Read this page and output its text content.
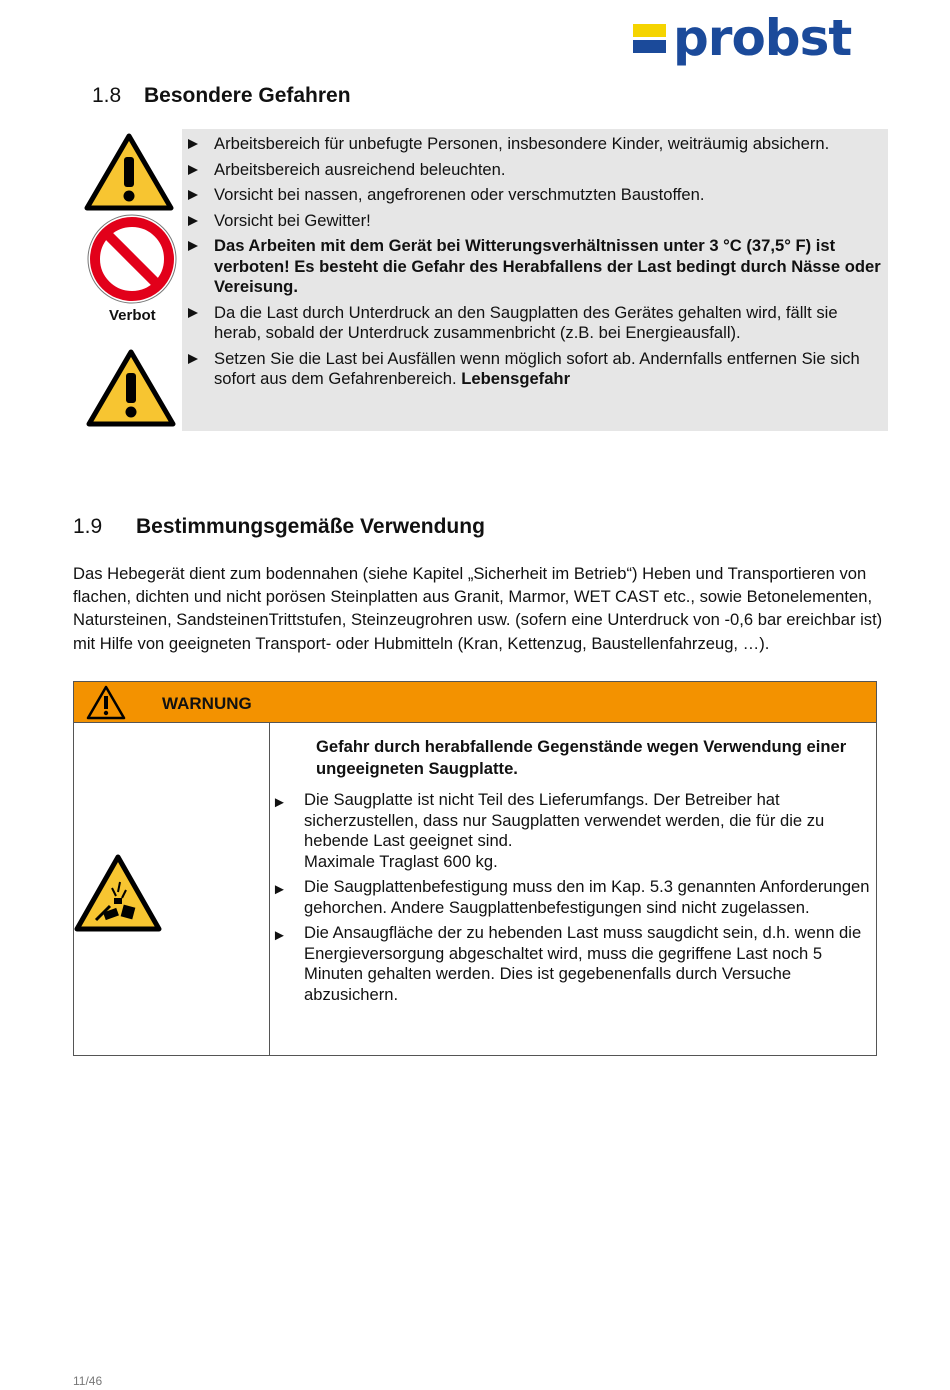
probst
1.8 Besondere Gefahren
Verbot
Arbeitsbereich für unbefugte Personen, insbesondere Kinder, weiträumig absichern.
Arbeitsbereich ausreichend beleuchten.
Vorsicht bei nassen, angefrorenen oder verschmutzten Baustoffen.
Vorsicht bei Gewitter!
Das Arbeiten mit dem Gerät bei Witterungsverhältnissen unter 3 °C (37,5° F) ist verboten! Es besteht die Gefahr des Herabfallens der Last bedingt durch Nässe oder Vereisung.
Da die Last durch Unterdruck an den Saugplatten des Gerätes gehalten wird, fällt sie herab, sobald der Unterdruck zusammenbricht (z.B. bei Energieausfall).
Setzen Sie die Last bei Ausfällen wenn möglich sofort ab. Andernfalls entfernen Sie sich sofort aus dem Gefahrenbereich. Lebensgefahr
1.9 Bestimmungsgemäße Verwendung
Das Hebegerät dient zum bodennahen (siehe Kapitel „Sicherheit im Betrieb“) Heben und Transportieren von flachen, dichten und nicht porösen Steinplatten aus Granit, Marmor, WET CAST etc., sowie Betonelementen, Natursteinen, SandsteinenTrittstufen, Steinzeugrohren usw. (sofern eine Unterdruck von -0,6 bar ereichbar ist) mit Hilfe von geeigneten Transport- oder Hubmitteln (Kran, Kettenzug, Baustellenfahrzeug, …).
WARNUNG
Gefahr durch herabfallende Gegenstände wegen Verwendung einer ungeeigneten Saugplatte.
► Die Saugplatte ist nicht Teil des Lieferumfangs. Der Betreiber hat sicherzustellen, dass nur Saugplatten verwendet werden, die für die zu hebende Last geeignet sind.
Maximale Traglast 600 kg.
► Die Saugplattenbefestigung muss den im Kap. 5.3 genannten Anforderungen gehorchen. Andere Saugplattenbefestigungen sind nicht zugelassen.
► Die Ansaugfläche der zu hebenden Last muss saugdicht sein, d.h. wenn die Energieversorgung abgeschaltet wird, muss die gegriffene Last noch 5
Minuten gehalten werden. Dies ist gegebenenfalls durch Versuche abzusichern.
11/46
